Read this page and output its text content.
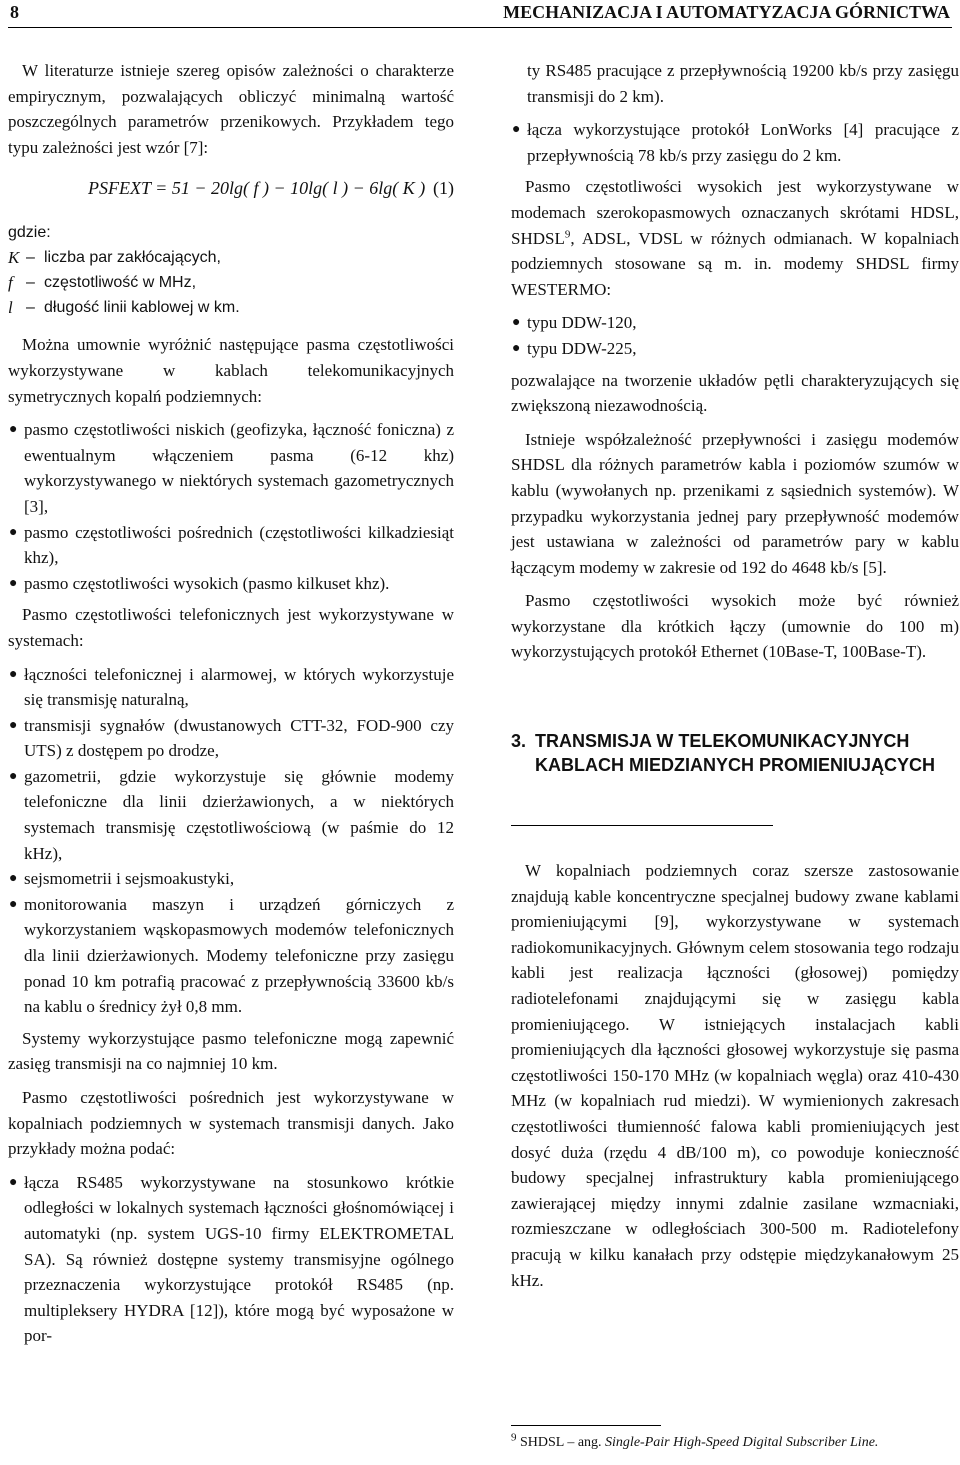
8	MECHANIZACJA I AUTOMATYZACJA GÓRNICTWA

W literaturze istnieje szereg opisów zależności o charakterze empirycznym, pozwalających obliczyć minimalną wartość poszczególnych parametrów przenikowych. Przykładem tego typu zależności jest wzór [7]:

PSFEXT = 51 − 20lg( f ) − 10lg( l ) − 6lg( K ) (1)
gdzie:
K – liczba par zakłócających,
f – częstotliwość w MHz,
l – długość linii kablowej w km.

Można umownie wyróżnić następujące pasma częstotliwości wykorzystywane w kablach telekomunikacyjnych symetrycznych kopalń podziemnych:

● pasmo częstotliwości niskich (geofizyka, łączność foniczna) z ewentualnym włączeniem pasma (6-12 khz) wykorzystywanego w niektórych systemach gazometrycznych [3],
● pasmo częstotliwości pośrednich (częstotliwości kilkadziesiąt khz),
● pasmo częstotliwości wysokich (pasmo kilkuset khz).

Pasmo częstotliwości telefonicznych jest wykorzystywane w systemach:

● łączności telefonicznej i alarmowej, w których wykorzystuje się transmisję naturalną,
● transmisji sygnałów (dwustanowych CTT-32, FOD-900 czy UTS) z dostępem po drodze,
● gazometrii, gdzie wykorzystuje się głównie modemy telefoniczne dla linii dzierżawionych, a w niektórych systemach transmisję częstotliwościową (w paśmie do 12 kHz),
● sejsmometrii i sejsmoakustyki,
● monitorowania maszyn i urządzeń górniczych z wykorzystaniem wąskopasmowych modemów telefonicznych dla linii dzierżawionych. Modemy telefoniczne przy zasięgu ponad 10 km potrafią pracować z przepływnością 33600 kb/s na kablu o średnicy żył 0,8 mm.

Systemy wykorzystujące pasmo telefoniczne mogą zapewnić zasięg transmisji na co najmniej 10 km.

Pasmo częstotliwości pośrednich jest wykorzystywane w kopalniach podziemnych w systemach transmisji danych. Jako przykłady można podać:

● łącza RS485 wykorzystywane na stosunkowo krótkie odległości w lokalnych systemach łączności głośnomówiącej i automatyki (np. system UGS-10 firmy ELEKTROMETAL SA). Są również dostępne systemy transmisyjne ogólnego przeznaczenia wykorzystujące protokół RS485 (np. multipleksery HYDRA [12]), które mogą być wyposażone w por-

ty RS485 pracujące z przepływnością 19200 kb/s przy zasięgu transmisji do 2 km).

● łącza wykorzystujące protokół LonWorks [4] pracujące z przepływnością 78 kb/s przy zasięgu do 2 km.

Pasmo częstotliwości wysokich jest wykorzystywane w modemach szerokopasmowych oznaczanych skrótami HDSL, SHDSL$^9$, ADSL, VDSL w różnych odmianach. W kopalniach podziemnych stosowane są m. in. modemy SHDSL firmy WESTERMO:

● typu DDW-120,
● typu DDW-225,

pozwalające na tworzenie układów pętli charakteryzujących się zwiększoną niezawodnością.

Istnieje współzależność przepływności i zasięgu modemów SHDSL dla różnych parametrów kabla i poziomów szumów w kablu (wywołanych np. przenikami z sąsiednich systemów). W przypadku wykorzystania jednej pary przepływność modemów jest ustawiana w zależności od parametrów pary w kablu łączącym modemy w zakresie od 192 do 4648 kb/s [5].

Pasmo częstotliwości wysokich może być również wykorzystane dla krótkich łączy (umownie do 100 m) wykorzystujących protokół Ethernet (10Base-T, 100Base-T).

3. TRANSMISJA W TELEKOMUNIKACYJNYCH KABLACH MIEDZIANYCH PROMIENIUJĄCYCH

W kopalniach podziemnych coraz szersze zastosowanie znajdują kable koncentryczne specjalnej budowy zwane kablami promieniującymi [9], wykorzystywane w systemach radiokomunikacyjnych. Głównym celem stosowania tego rodzaju kabli jest realizacja łączności (głosowej) pomiędzy radiotelefonami znajdującymi się w zasięgu kabla promieniującego. W istniejących instalacjach kabli promieniujących dla łączności głosowej wykorzystuje się pasma częstotliwości 150-170 MHz (w kopalniach węgla) oraz 410-430 MHz (w kopalniach rud miedzi). W wymienionych zakresach częstotliwości tłumienność falowa kabli promieniujących jest dosyć duża (rzędu 4 dB/100 m), co powoduje konieczność budowy specjalnej infrastruktury kabla promieniującego zawierającej między innymi zdalnie zasilane wzmacniaki, rozmieszczane w odległościach 300-500 m. Radiotelefony pracują w kilku kanałach przy odstępie międzykanałowym 25 kHz.

$^9$ SHDSL – ang. Single-Pair High-Speed Digital Subscriber Line.
